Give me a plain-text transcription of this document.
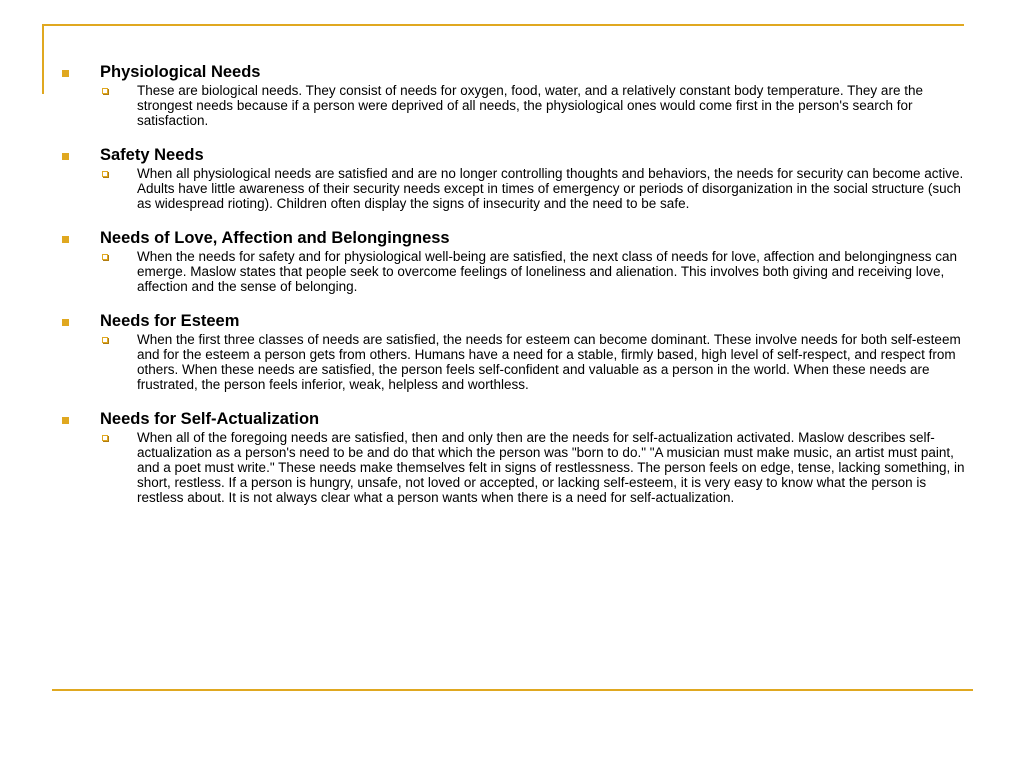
Physiological Needs

These are biological needs. They consist of needs for oxygen, food, water, and a relatively constant body temperature. They are the strongest needs because if a person were deprived of all needs, the physiological ones would come first in the person's search for satisfaction.

Safety Needs

When all physiological needs are satisfied and are no longer controlling thoughts and behaviors, the needs for security can become active. Adults have little awareness of their security needs except in times of emergency or periods of disorganization in the social structure (such as widespread rioting). Children often display the signs of insecurity and the need to be safe.

Needs of Love, Affection and Belongingness

When the needs for safety and for physiological well-being are satisfied, the next class of needs for love, affection and belongingness can emerge. Maslow states that people seek to overcome feelings of loneliness and alienation. This involves both giving and receiving love, affection and the sense of belonging.

Needs for Esteem

When the first three classes of needs are satisfied, the needs for esteem can become dominant. These involve needs for both self-esteem and for the esteem a person gets from others. Humans have a need for a stable, firmly based, high level of self-respect, and respect from others. When these needs are satisfied, the person feels self-confident and valuable as a person in the world. When these needs are frustrated, the person feels inferior, weak, helpless and worthless.

Needs for Self-Actualization

When all of the foregoing needs are satisfied, then and only then are the needs for self-actualization activated. Maslow describes self-actualization as a person's need to be and do that which the person was "born to do." "A musician must make music, an artist must paint, and a poet must write." These needs make themselves felt in signs of restlessness. The person feels on edge, tense, lacking something, in short, restless. If a person is hungry, unsafe, not loved or accepted, or lacking self-esteem, it is very easy to know what the person is restless about. It is not always clear what a person wants when there is a need for self-actualization.
